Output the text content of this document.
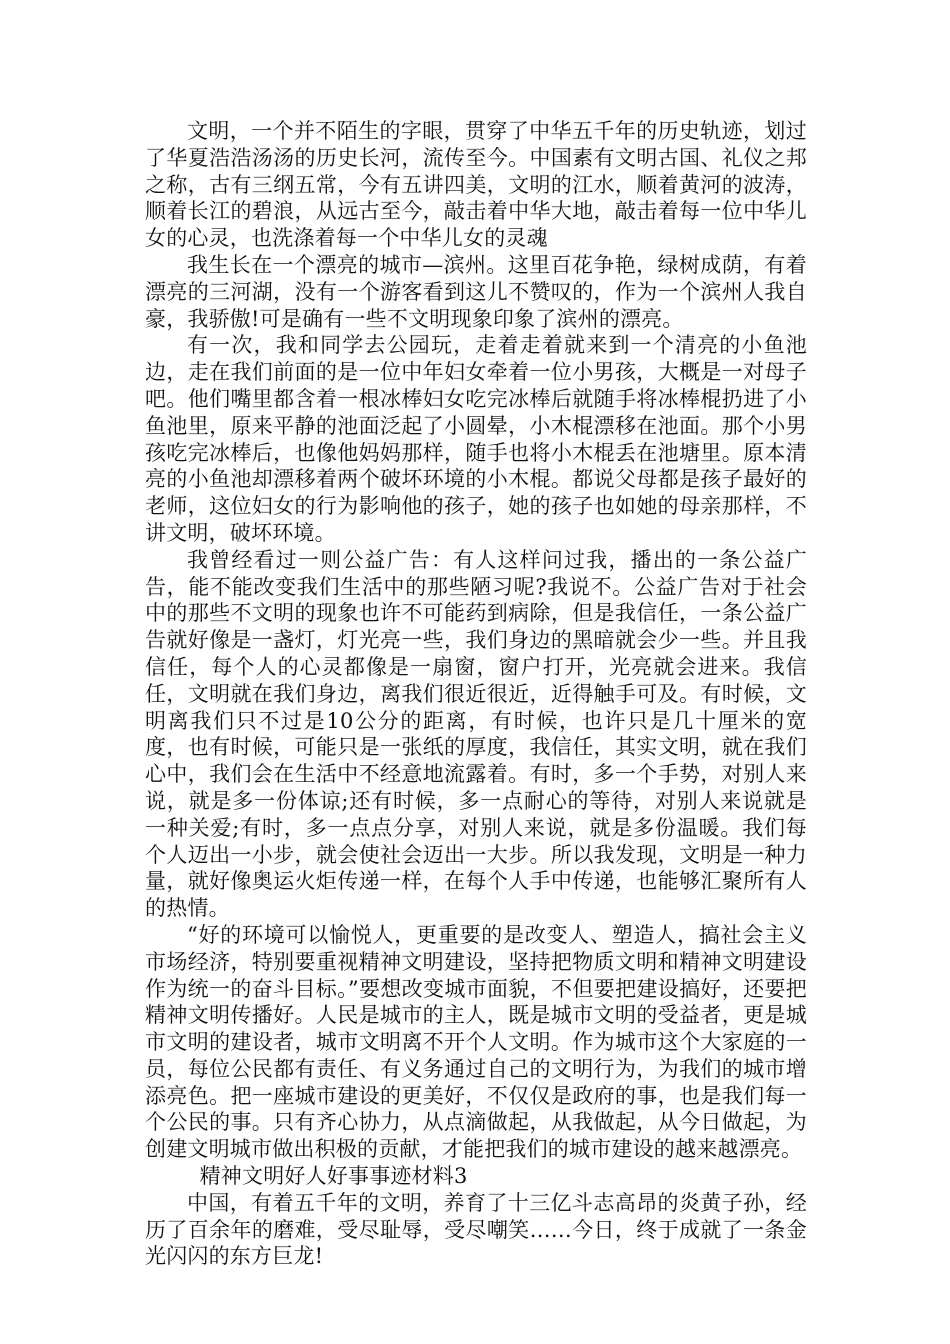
文明，一个并不陌生的字眼，贯穿了中华五千年的历史轨迹，划过了华夏浩浩汤汤的历史长河，流传至今。中国素有文明古国、礼仪之邦之称，古有三纲五常，今有五讲四美，文明的江水，顺着黄河的波涛，顺着长江的碧浪，从远古至今，敲击着中华大地，敲击着每一位中华儿女的心灵，也洗涤着每一个中华儿女的灵魂

我生长在一个漂亮的城市—滨州。这里百花争艳，绿树成荫，有着漂亮的三河湖，没有一个游客看到这儿不赞叹的，作为一个滨州人我自豪，我骄傲!可是确有一些不文明现象印象了滨州的漂亮。

有一次，我和同学去公园玩，走着走着就来到一个清亮的小鱼池边，走在我们前面的是一位中年妇女牵着一位小男孩，大概是一对母子吧。他们嘴里都含着一根冰棒妇女吃完冰棒后就随手将冰棒棍扔进了小鱼池里，原来平静的池面泛起了小圆晕，小木棍漂移在池面。那个小男孩吃完冰棒后，也像他妈妈那样，随手也将小木棍丢在池塘里。原本清亮的小鱼池却漂移着两个破坏环境的小木棍。都说父母都是孩子最好的老师，这位妇女的行为影响他的孩子，她的孩子也如她的母亲那样，不讲文明，破坏环境。

我曾经看过一则公益广告：有人这样问过我，播出的一条公益广告，能不能改变我们生活中的那些陋习呢?我说不。公益广告对于社会中的那些不文明的现象也许不可能药到病除，但是我信任，一条公益广告就好像是一盏灯，灯光亮一些，我们身边的黑暗就会少一些。并且我信任，每个人的心灵都像是一扇窗，窗户打开，光亮就会进来。我信任，文明就在我们身边，离我们很近很近，近得触手可及。有时候，文明离我们只不过是10公分的距离，有时候，也许只是几十厘米的宽度，也有时候，可能只是一张纸的厚度，我信任，其实文明，就在我们心中，我们会在生活中不经意地流露着。有时，多一个手势，对别人来说，就是多一份体谅;还有时候，多一点耐心的等待，对别人来说就是一种关爱;有时，多一点点分享，对别人来说，就是多份温暖。我们每个人迈出一小步，就会使社会迈出一大步。所以我发现，文明是一种力量，就好像奥运火炬传递一样，在每个人手中传递，也能够汇聚所有人的热情。

“好的环境可以愉悦人，更重要的是改变人、塑造人，搞社会主义市场经济，特别要重视精神文明建设，坚持把物质文明和精神文明建设作为统一的奋斗目标。”要想改变城市面貌，不但要把建设搞好，还要把精神文明传播好。人民是城市的主人，既是城市文明的受益者，更是城市文明的建设者，城市文明离不开个人文明。作为城市这个大家庭的一员，每位公民都有责任、有义务通过自己的文明行为，为我们的城市增添亮色。把一座城市建设的更美好，不仅仅是政府的事，也是我们每一个公民的事。只有齐心协力，从点滴做起，从我做起，从今日做起，为创建文明城市做出积极的贡献，才能把我们的城市建设的越来越漂亮。

精神文明好人好事事迹材料3

中国，有着五千年的文明，养育了十三亿斗志高昂的炎黄子孙，经历了百余年的磨难，受尽耻辱，受尽嘲笑……今日，终于成就了一条金光闪闪的东方巨龙!
